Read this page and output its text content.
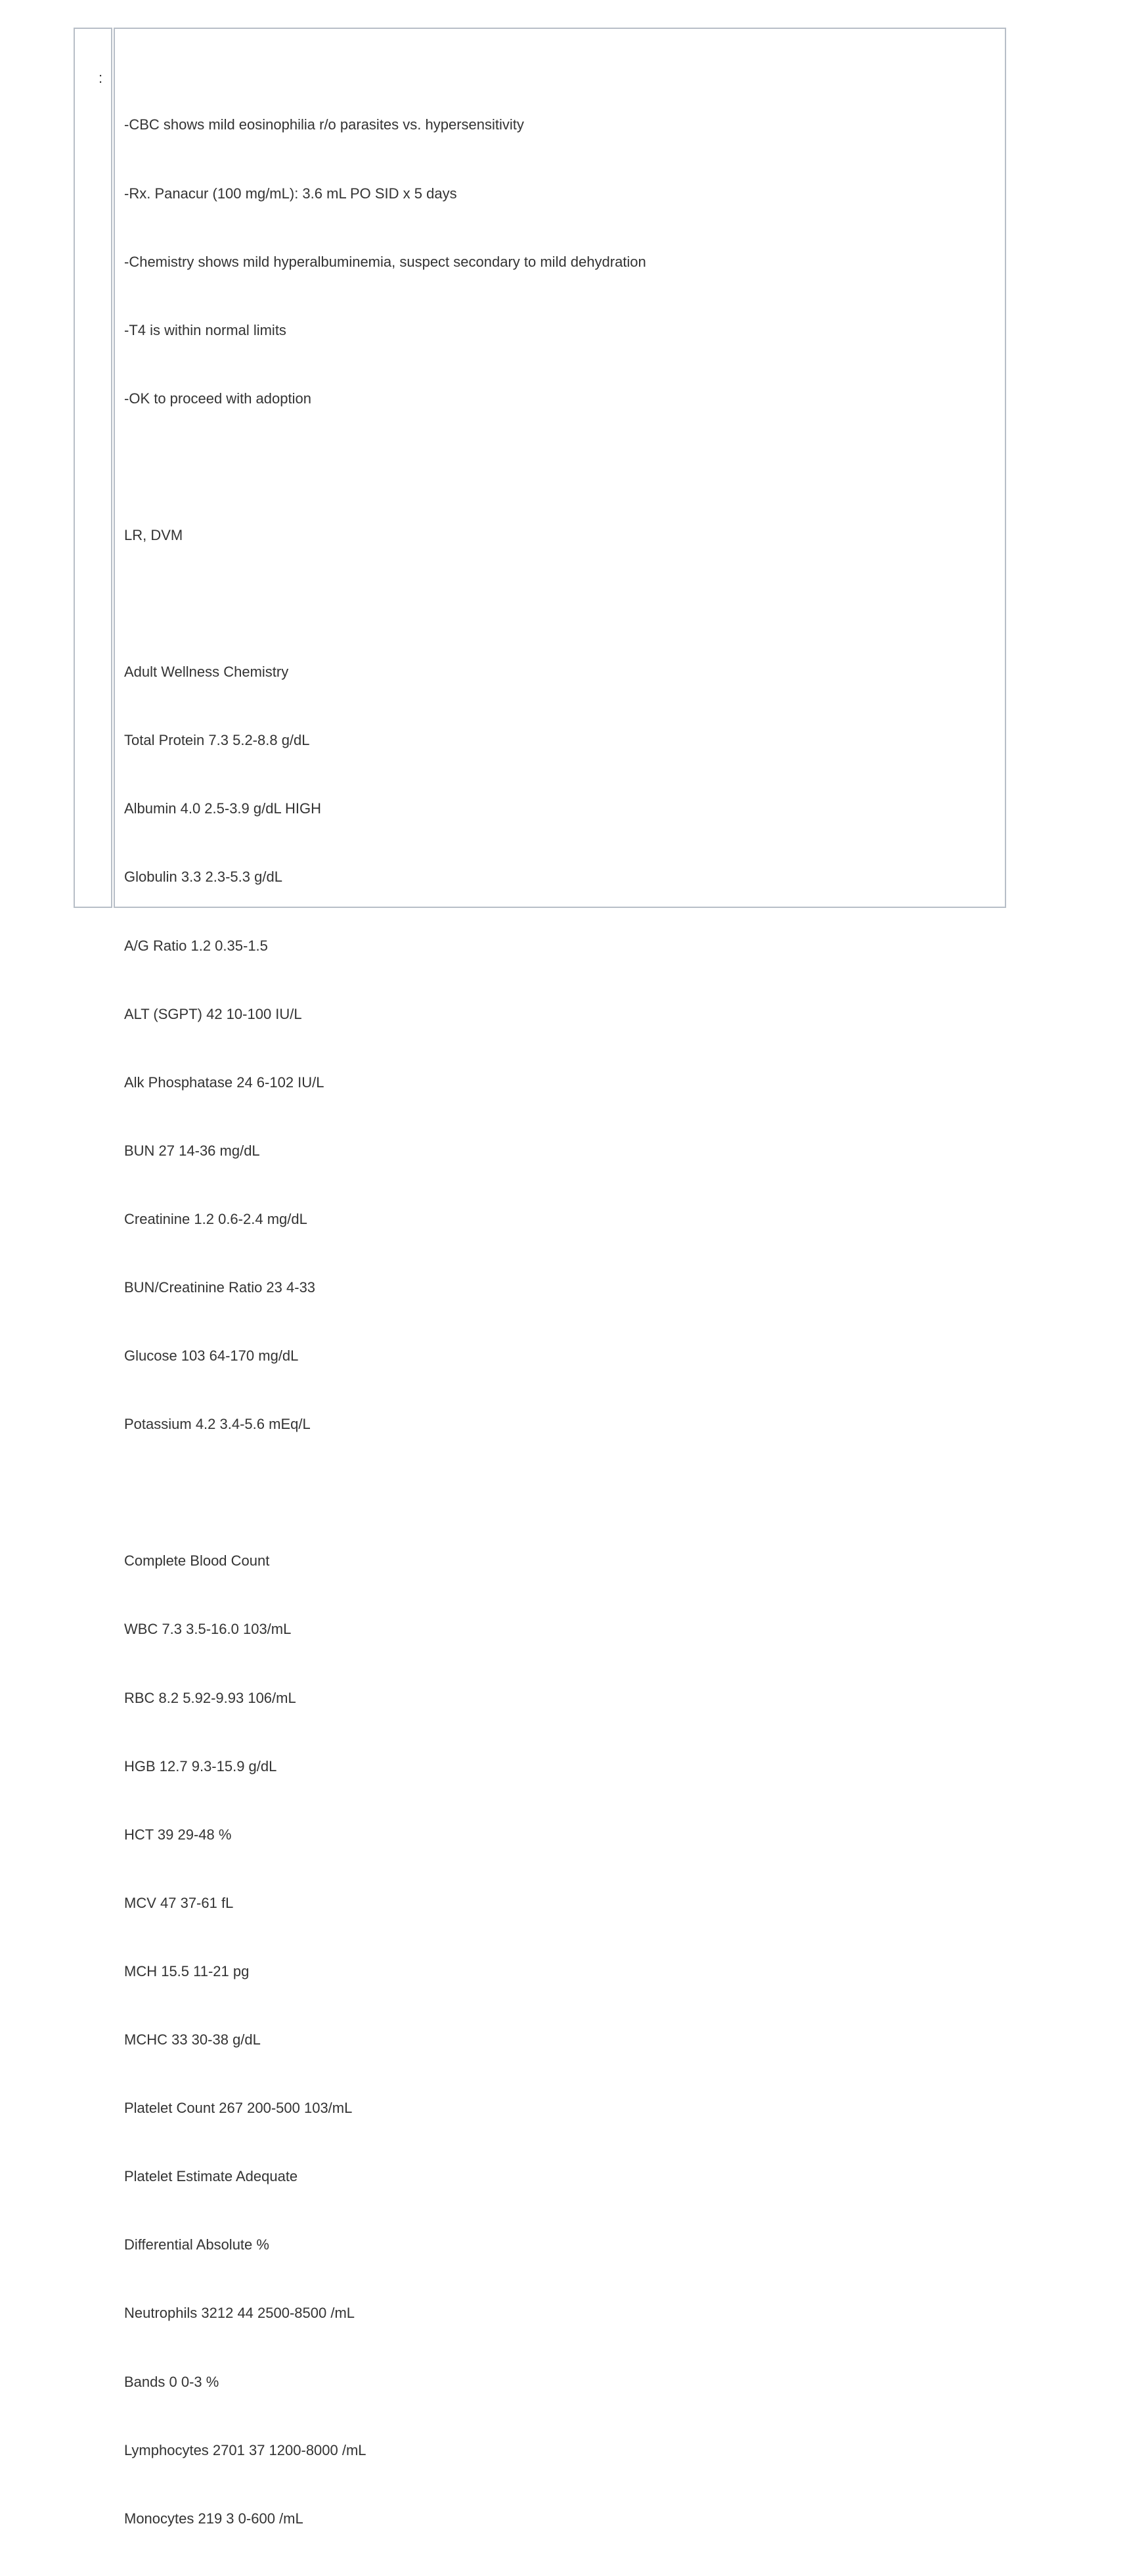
:

-CBC shows mild eosinophilia r/o parasites vs. hypersensitivity

-Rx. Panacur (100 mg/mL): 3.6 mL PO SID x 5 days

-Chemistry shows mild hyperalbuminemia, suspect secondary to mild dehydration

-T4 is within normal limits

-OK to proceed with adoption

LR, DVM

Adult Wellness Chemistry

Total Protein 7.3 5.2-8.8 g/dL

Albumin 4.0 2.5-3.9 g/dL HIGH

Globulin 3.3 2.3-5.3 g/dL

A/G Ratio 1.2 0.35-1.5

ALT (SGPT) 42 10-100 IU/L

Alk Phosphatase 24 6-102 IU/L

BUN 27 14-36 mg/dL

Creatinine 1.2 0.6-2.4 mg/dL

BUN/Creatinine Ratio 23 4-33

Glucose 103 64-170 mg/dL

Potassium 4.2 3.4-5.6 mEq/L

Complete Blood Count

WBC 7.3 3.5-16.0 103/mL

RBC 8.2 5.92-9.93 106/mL

HGB 12.7 9.3-15.9 g/dL

HCT 39 29-48 %

MCV 47 37-61 fL

MCH 15.5 11-21 pg

MCHC 33 30-38 g/dL

Platelet Count 267 200-500 103/mL

Platelet Estimate Adequate

Differential Absolute %

Neutrophils 3212 44 2500-8500 /mL

Bands 0 0-3 %

Lymphocytes 2701 37 1200-8000 /mL

Monocytes 219 3 0-600 /mL
